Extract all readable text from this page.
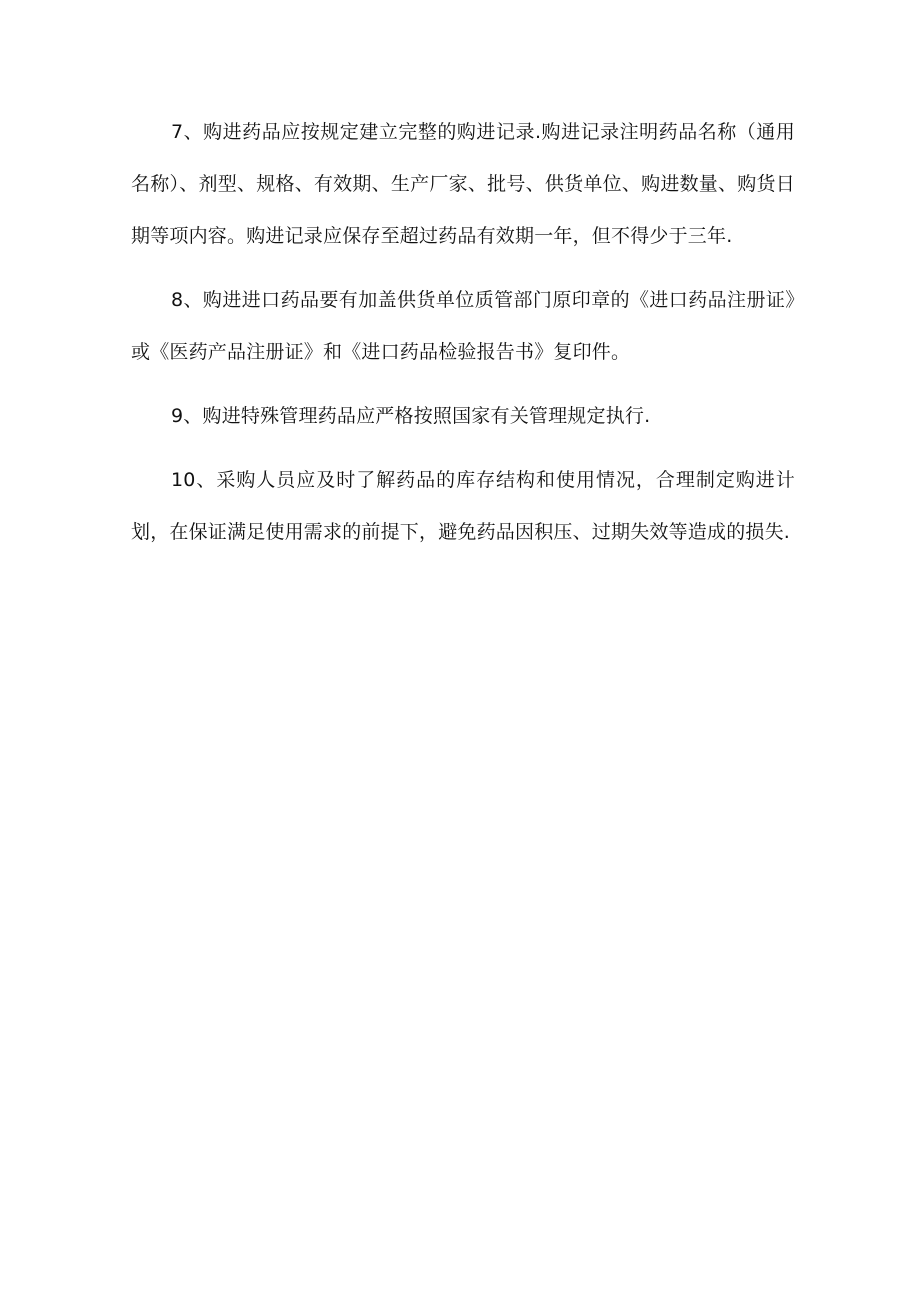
7、购进药品应按规定建立完整的购进记录.购进记录注明药品名称（通用名称）、剂型、规格、有效期、生产厂家、批号、供货单位、购进数量、购货日期等项内容。购进记录应保存至超过药品有效期一年，但不得少于三年.

8、购进进口药品要有加盖供货单位质管部门原印章的《进口药品注册证》或《医药产品注册证》和《进口药品检验报告书》复印件。

9、购进特殊管理药品应严格按照国家有关管理规定执行.

10、采购人员应及时了解药品的库存结构和使用情况，合理制定购进计划，在保证满足使用需求的前提下，避免药品因积压、过期失效等造成的损失.
